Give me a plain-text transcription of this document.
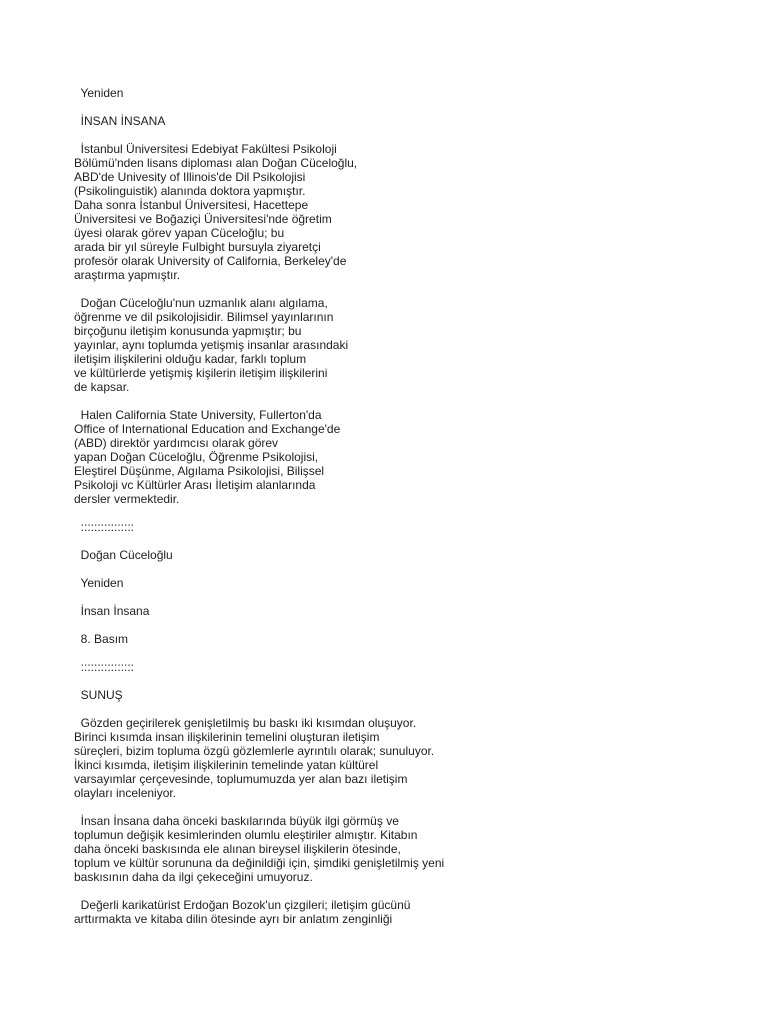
Yeniden
İNSAN İNSANA
İstanbul Üniversitesi Edebiyat Fakültesi Psikoloji
Bölümü'nden lisans diploması alan Doğan Cüceloğlu,
ABD'de Univesity of Illinois'de Dil Psikolojisi
(Psikolinguistik) alanında doktora yapmıştır.
Daha sonra İstanbul Üniversitesi, Hacettepe
Üniversitesi ve Boğaziçi Üniversitesi'nde öğretim
üyesi olarak görev yapan Cüceloğlu; bu
arada bir yıl süreyle Fulbight bursuyla ziyaretçi
profesör olarak University of California, Berkeley'de
araştırma yapmıştır.
Doğan Cüceloğlu'nun uzmanlık alanı algılama,
öğrenme ve dil psikolojisidir. Bilimsel yayınlarının
birçoğunu iletişim konusunda yapmıştır; bu
yayınlar, aynı toplumda yetişmiş insanlar arasındaki
iletişim ilişkilerini olduğu kadar, farklı toplum
ve kültürlerde yetişmiş kişilerin iletişim ilişkilerini
de kapsar.
Halen California State University, Fullerton'da
Office of International Education and Exchange'de
(ABD) direktör yardımcısı olarak görev
yapan Doğan Cüceloğlu, Öğrenme Psikolojisi,
Eleştirel Düşünme, Algılama Psikolojisi, Bilişsel
Psikoloji vc Kültürler Arası İletişim alanlarında
dersler vermektedir.
::::::::::::::::
Doğan Cüceloğlu
Yeniden
İnsan İnsana
8. Basım
::::::::::::::::
SUNUŞ
Gözden geçirilerek genişletilmiş bu baskı iki kısımdan oluşuyor.
Birinci kısımda insan ilişkilerinin temelini oluşturan iletişim
süreçleri, bizim topluma özgü gözlemlerle ayrıntılı olarak; sunuluyor.
İkinci kısımda, iletişim ilişkilerinin temelinde yatan kültürel
varsayımlar çerçevesinde, toplumumuzda yer alan bazı iletişim
olayları inceleniyor.
İnsan İnsana daha önceki baskılarında büyük ilgi görmüş ve
toplumun değişik kesimlerinden olumlu eleştiriler almıştır. Kitabın
daha önceki baskısında ele alınan bireysel ilişkilerin ötesinde,
toplum ve kültür sorununa da değinildiği için, şimdiki genişletilmiş yeni
baskısının daha da ilgi çekeceğini umuyoruz.
Değerli karikatürist Erdoğan Bozok'un çizgileri; iletişim gücünü
arttırmakta ve kitaba dilin ötesinde ayrı bir anlatım zenginliği
